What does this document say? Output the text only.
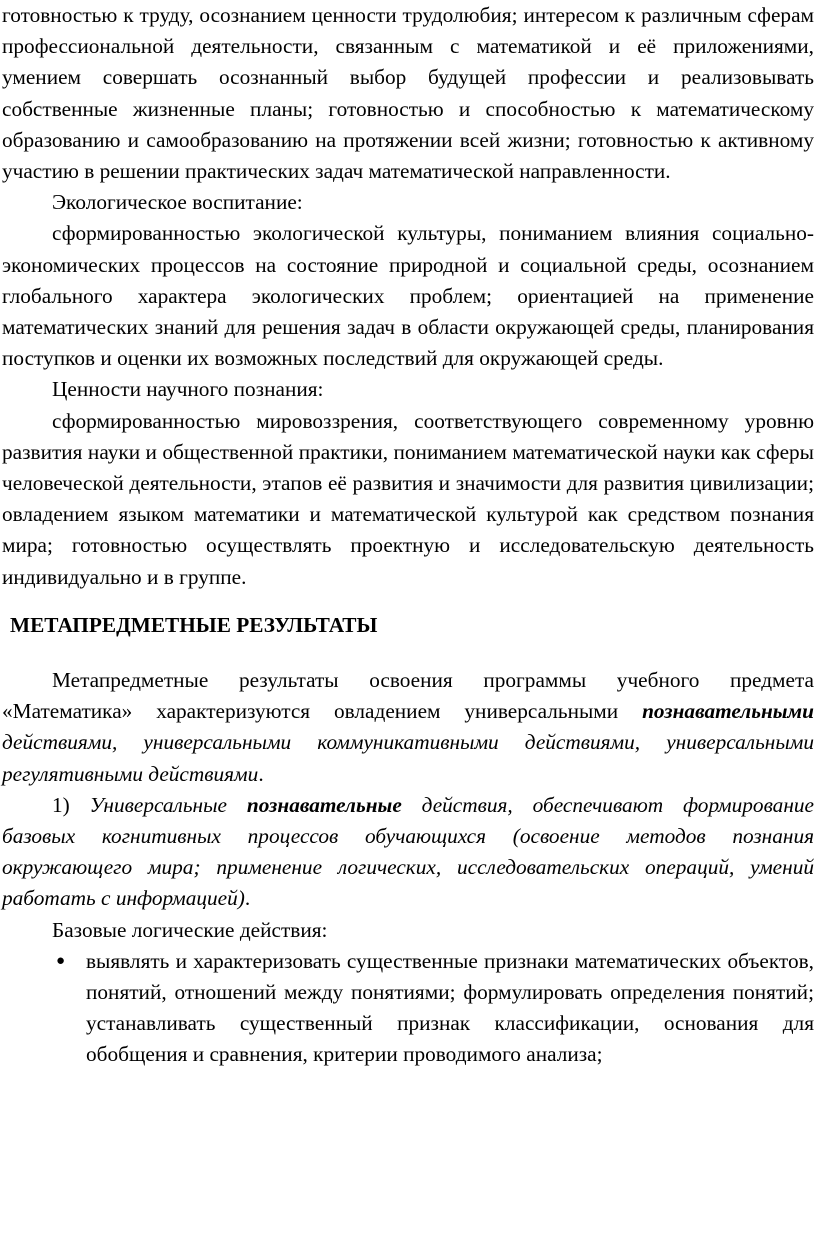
готовностью к труду, осознанием ценности трудолюбия; интересом к различным сферам профессиональной деятельности, связанным с математикой и её приложениями, умением совершать осознанный выбор будущей профессии и реализовывать собственные жизненные планы; готовностью и способностью к математическому образованию и самообразованию на протяжении всей жизни; готовностью к активному участию в решении практических задач математической направленности.

Экологическое воспитание:

сформированностью экологической культуры, пониманием влияния социально-экономических процессов на состояние природной и социальной среды, осознанием глобального характера экологических проблем; ориентацией на применение математических знаний для решения задач в области окружающей среды, планирования поступков и оценки их возможных последствий для окружающей среды.

Ценности научного познания:

сформированностью мировоззрения, соответствующего современному уровню развития науки и общественной практики, пониманием математической науки как сферы человеческой деятельности, этапов её развития и значимости для развития цивилизации; овладением языком математики и математической культурой как средством познания мира; готовностью осуществлять проектную и исследовательскую деятельность индивидуально и в группе.

МЕТАПРЕДМЕТНЫЕ РЕЗУЛЬТАТЫ

Метапредметные результаты освоения программы учебного предмета «Математика» характеризуются овладением универсальными познавательными действиями, универсальными коммуникативными действиями, универсальными регулятивными действиями.

1) Универсальные познавательные действия, обеспечивают формирование базовых когнитивных процессов обучающихся (освоение методов познания окружающего мира; применение логических, исследовательских операций, умений работать с информацией).

Базовые логические действия:

● выявлять и характеризовать существенные признаки математических объектов, понятий, отношений между понятиями; формулировать определения понятий; устанавливать существенный признак классификации, основания для обобщения и сравнения, критерии проводимого анализа;
